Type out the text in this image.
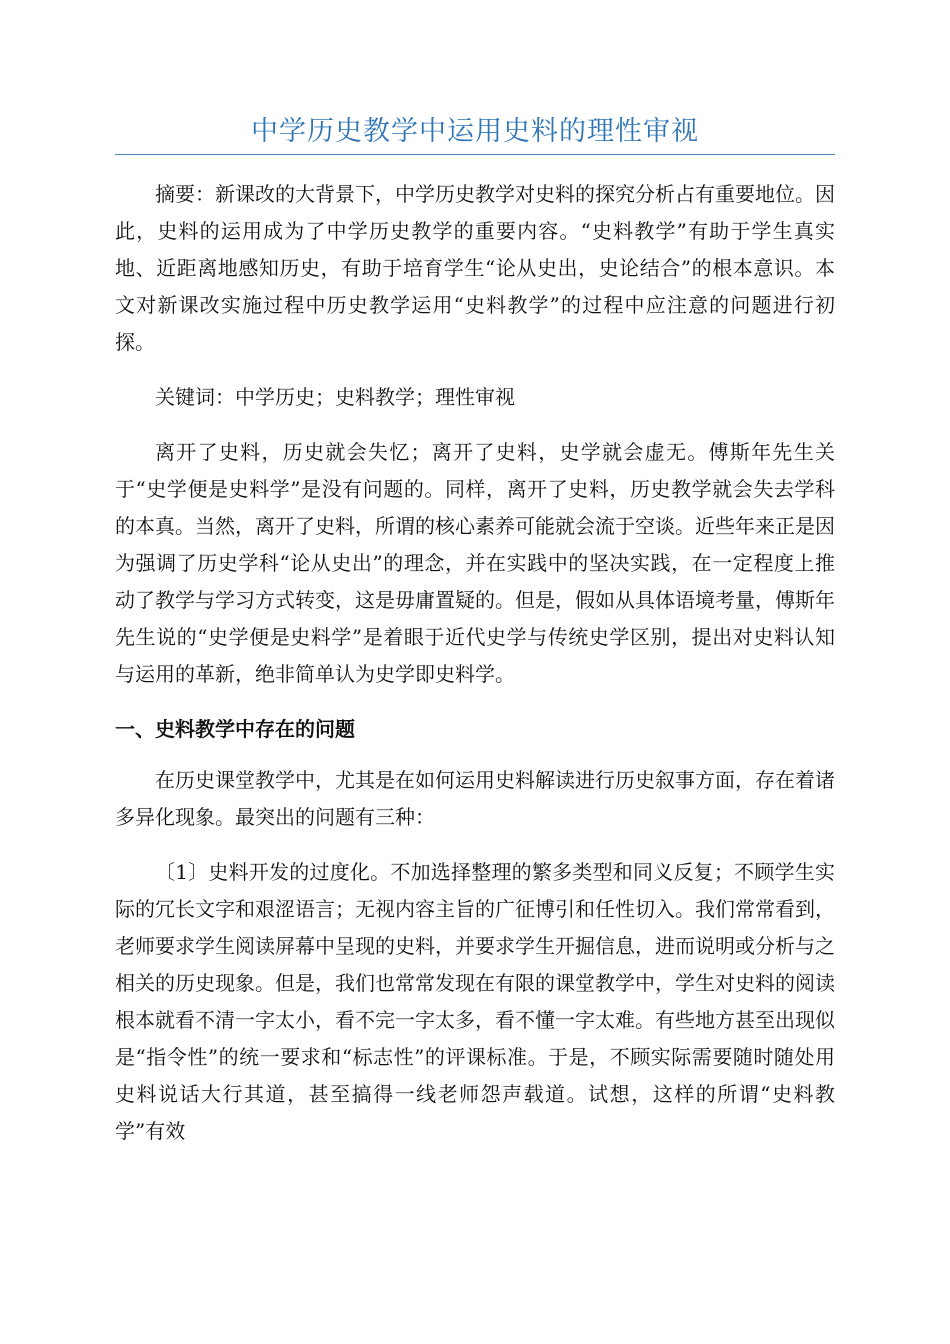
中学历史教学中运用史料的理性审视

摘要：新课改的大背景下，中学历史教学对史料的探究分析占有重要地位。因此，史料的运用成为了中学历史教学的重要内容。“史料教学”有助于学生真实地、近距离地感知历史，有助于培育学生“论从史出，史论结合”的根本意识。本文对新课改实施过程中历史教学运用“史料教学”的过程中应注意的问题进行初探。

关键词：中学历史；史料教学；理性审视

离开了史料，历史就会失忆；离开了史料，史学就会虚无。傅斯年先生关于“史学便是史料学”是没有问题的。同样，离开了史料，历史教学就会失去学科的本真。当然，离开了史料，所谓的核心素养可能就会流于空谈。近些年来正是因为强调了历史学科“论从史出”的理念，并在实践中的坚决实践，在一定程度上推动了教学与学习方式转变，这是毋庸置疑的。但是，假如从具体语境考量，傅斯年先生说的“史学便是史料学”是着眼于近代史学与传统史学区别，提出对史料认知与运用的革新，绝非简单认为史学即史料学。

一、史料教学中存在的问题

在历史课堂教学中，尤其是在如何运用史料解读进行历史叙事方面，存在着诸多异化现象。最突出的问题有三种：

〔1〕史料开发的过度化。不加选择整理的繁多类型和同义反复；不顾学生实际的冗长文字和艰涩语言；无视内容主旨的广征博引和任性切入。我们常常看到，老师要求学生阅读屏幕中呈现的史料，并要求学生开掘信息，进而说明或分析与之相关的历史现象。但是，我们也常常发现在有限的课堂教学中，学生对史料的阅读根本就看不清一字太小，看不完一字太多，看不懂一字太难。有些地方甚至出现似是“指令性”的统一要求和“标志性”的评课标准。于是，不顾实际需要随时随处用史料说话大行其道，甚至搞得一线老师怨声载道。试想，这样的所谓“史料教学”有效
